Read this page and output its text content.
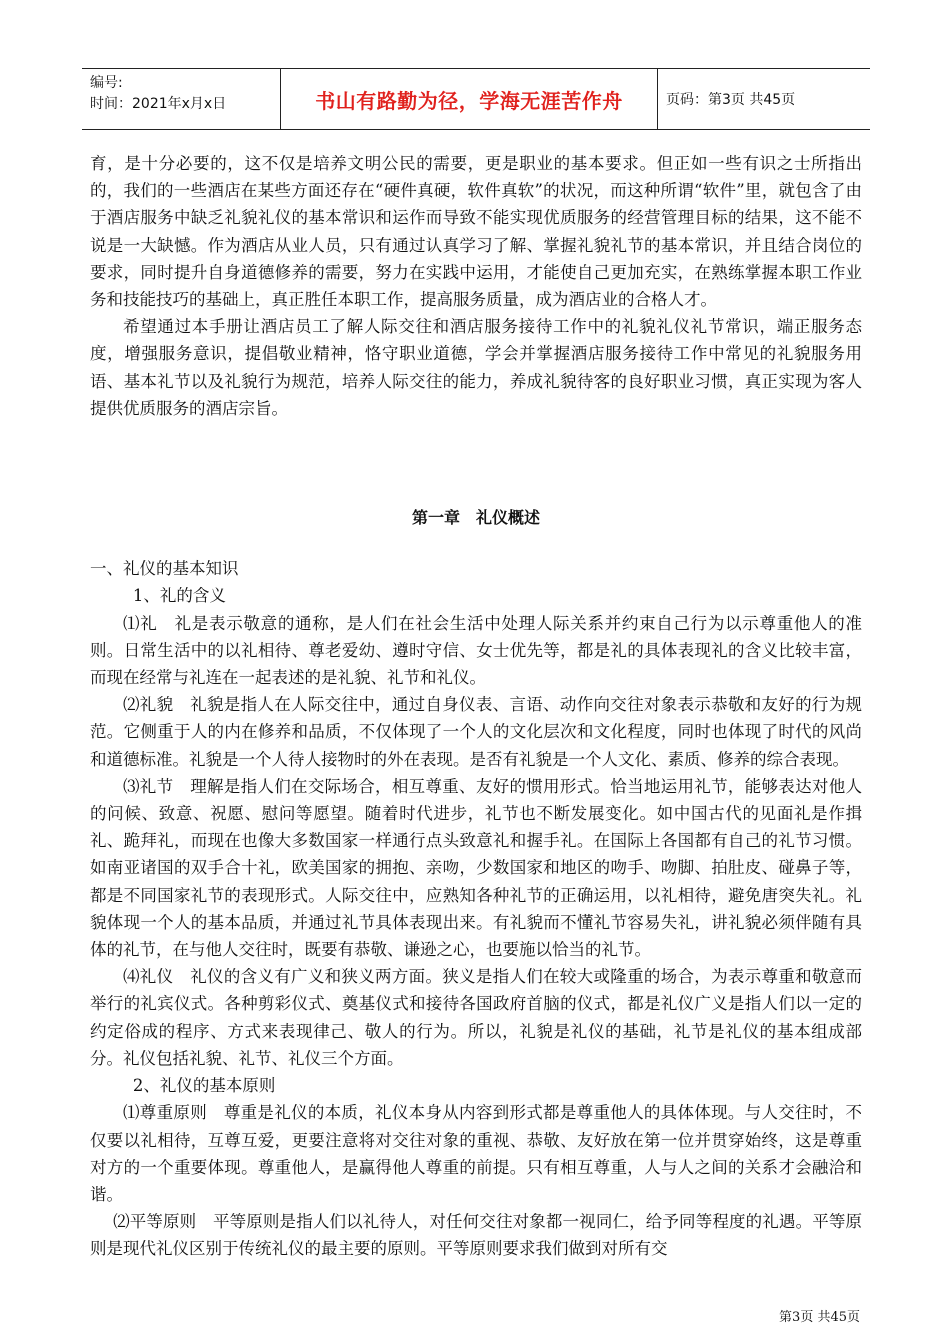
编号:
时间：2021年x月x日	书山有路勤为径，学海无涯苦作舟	页码：第3页 共45页

育，是十分必要的，这不仅是培养文明公民的需要，更是职业的基本要求。但正如一些有识之士所指出的，我们的一些酒店在某些方面还存在“硬件真硬，软件真软”的状况，而这种所谓“软件”里，就包含了由于酒店服务中缺乏礼貌礼仪的基本常识和运作而导致不能实现优质服务的经营管理目标的结果，这不能不说是一大缺憾。作为酒店从业人员，只有通过认真学习了解、掌握礼貌礼节的基本常识，并且结合岗位的要求，同时提升自身道德修养的需要，努力在实践中运用，才能使自己更加充实，在熟练掌握本职工作业务和技能技巧的基础上，真正胜任本职工作，提高服务质量，成为酒店业的合格人才。

希望通过本手册让酒店员工了解人际交往和酒店服务接待工作中的礼貌礼仪礼节常识，端正服务态度，增强服务意识，提倡敬业精神，恪守职业道德，学会并掌握酒店服务接待工作中常见的礼貌服务用语、基本礼节以及礼貌行为规范，培养人际交往的能力，养成礼貌待客的良好职业习惯，真正实现为客人提供优质服务的酒店宗旨。

第一章　礼仪概述

一、礼仪的基本知识

1、礼的含义

⑴礼　礼是表示敬意的通称，是人们在社会生活中处理人际关系并约束自己行为以示尊重他人的准则。日常生活中的以礼相待、尊老爱幼、遵时守信、女士优先等，都是礼的具体表现礼的含义比较丰富，而现在经常与礼连在一起表述的是礼貌、礼节和礼仪。

⑵礼貌　礼貌是指人在人际交往中，通过自身仪表、言语、动作向交往对象表示恭敬和友好的行为规范。它侧重于人的内在修养和品质，不仅体现了一个人的文化层次和文化程度，同时也体现了时代的风尚和道德标准。礼貌是一个人待人接物时的外在表现。是否有礼貌是一个人文化、素质、修养的综合表现。

⑶礼节　理解是指人们在交际场合，相互尊重、友好的惯用形式。恰当地运用礼节，能够表达对他人的问候、致意、祝愿、慰问等愿望。随着时代进步，礼节也不断发展变化。如中国古代的见面礼是作揖礼、跪拜礼，而现在也像大多数国家一样通行点头致意礼和握手礼。在国际上各国都有自己的礼节习惯。如南亚诸国的双手合十礼，欧美国家的拥抱、亲吻，少数国家和地区的吻手、吻脚、拍肚皮、碰鼻子等，都是不同国家礼节的表现形式。人际交往中，应熟知各种礼节的正确运用，以礼相待，避免唐突失礼。礼貌体现一个人的基本品质，并通过礼节具体表现出来。有礼貌而不懂礼节容易失礼，讲礼貌必须伴随有具体的礼节，在与他人交往时，既要有恭敬、谦逊之心，也要施以恰当的礼节。

⑷礼仪　礼仪的含义有广义和狭义两方面。狭义是指人们在较大或隆重的场合，为表示尊重和敬意而举行的礼宾仪式。各种剪彩仪式、奠基仪式和接待各国政府首脑的仪式，都是礼仪广义是指人们以一定的约定俗成的程序、方式来表现律己、敬人的行为。所以，礼貌是礼仪的基础，礼节是礼仪的基本组成部分。礼仪包括礼貌、礼节、礼仪三个方面。

2、礼仪的基本原则

⑴尊重原则　尊重是礼仪的本质，礼仪本身从内容到形式都是尊重他人的具体体现。与人交往时，不仅要以礼相待，互尊互爱，更要注意将对交往对象的重视、恭敬、友好放在第一位并贯穿始终，这是尊重对方的一个重要体现。尊重他人，是赢得他人尊重的前提。只有相互尊重，人与人之间的关系才会融洽和谐。

⑵平等原则　平等原则是指人们以礼待人，对任何交往对象都一视同仁，给予同等程度的礼遇。平等原则是现代礼仪区别于传统礼仪的最主要的原则。平等原则要求我们做到对所有交

第3页 共45页
